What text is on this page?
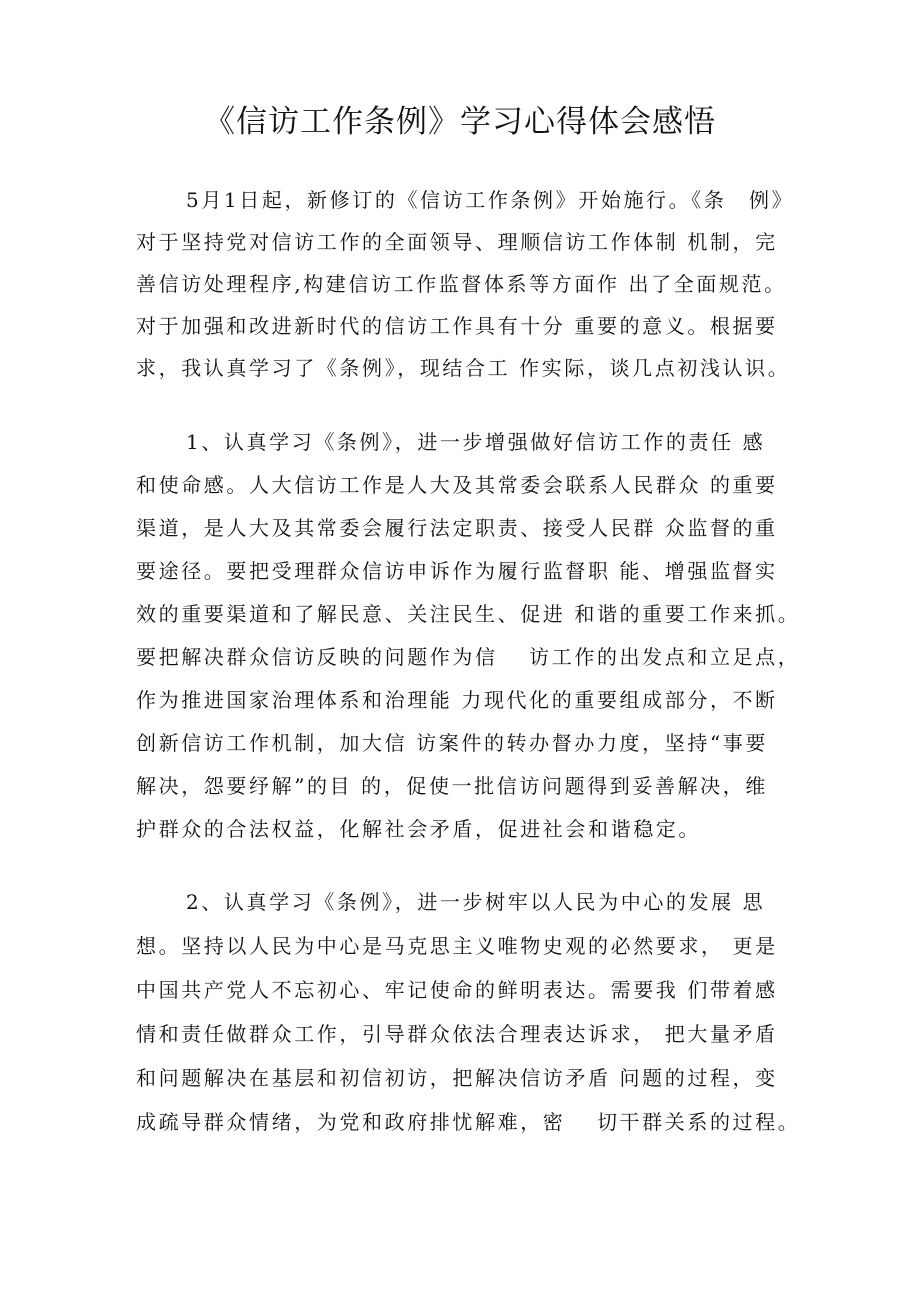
《信访工作条例》学习心得体会感悟
5月1日起，新修订的《信访工作条例》开始施行。《条　例》
对于坚持党对信访工作的全面领导、理顺信访工作体制 机制，完
善信访处理程序,构建信访工作监督体系等方面作 出了全面规范。
对于加强和改进新时代的信访工作具有十分 重要的意义。根据要
求，我认真学习了《条例》，现结合工 作实际，谈几点初浅认识。
1、认真学习《条例》，进一步增强做好信访工作的责任 感
和使命感。人大信访工作是人大及其常委会联系人民群众 的重要
渠道，是人大及其常委会履行法定职责、接受人民群 众监督的重
要途径。要把受理群众信访申诉作为履行监督职 能、增强监督实
效的重要渠道和了解民意、关注民生、促进 和谐的重要工作来抓。
要把解决群众信访反映的问题作为信　 访工作的出发点和立足点，
作为推进国家治理体系和治理能 力现代化的重要组成部分，不断
创新信访工作机制，加大信 访案件的转办督办力度，坚持“事要
解决，怨要纾解”的目 的，促使一批信访问题得到妥善解决，维
护群众的合法权益，化解社会矛盾，促进社会和谐稳定。
2、认真学习《条例》，进一步树牢以人民为中心的发展 思
想。坚持以人民为中心是马克思主义唯物史观的必然要求， 更是
中国共产党人不忘初心、牢记使命的鲜明表达。需要我 们带着感
情和责任做群众工作，引导群众依法合理表达诉求， 把大量矛盾
和问题解决在基层和初信初访，把解决信访矛盾 问题的过程，变
成疏导群众情绪，为党和政府排忧解难，密　 切干群关系的过程。
